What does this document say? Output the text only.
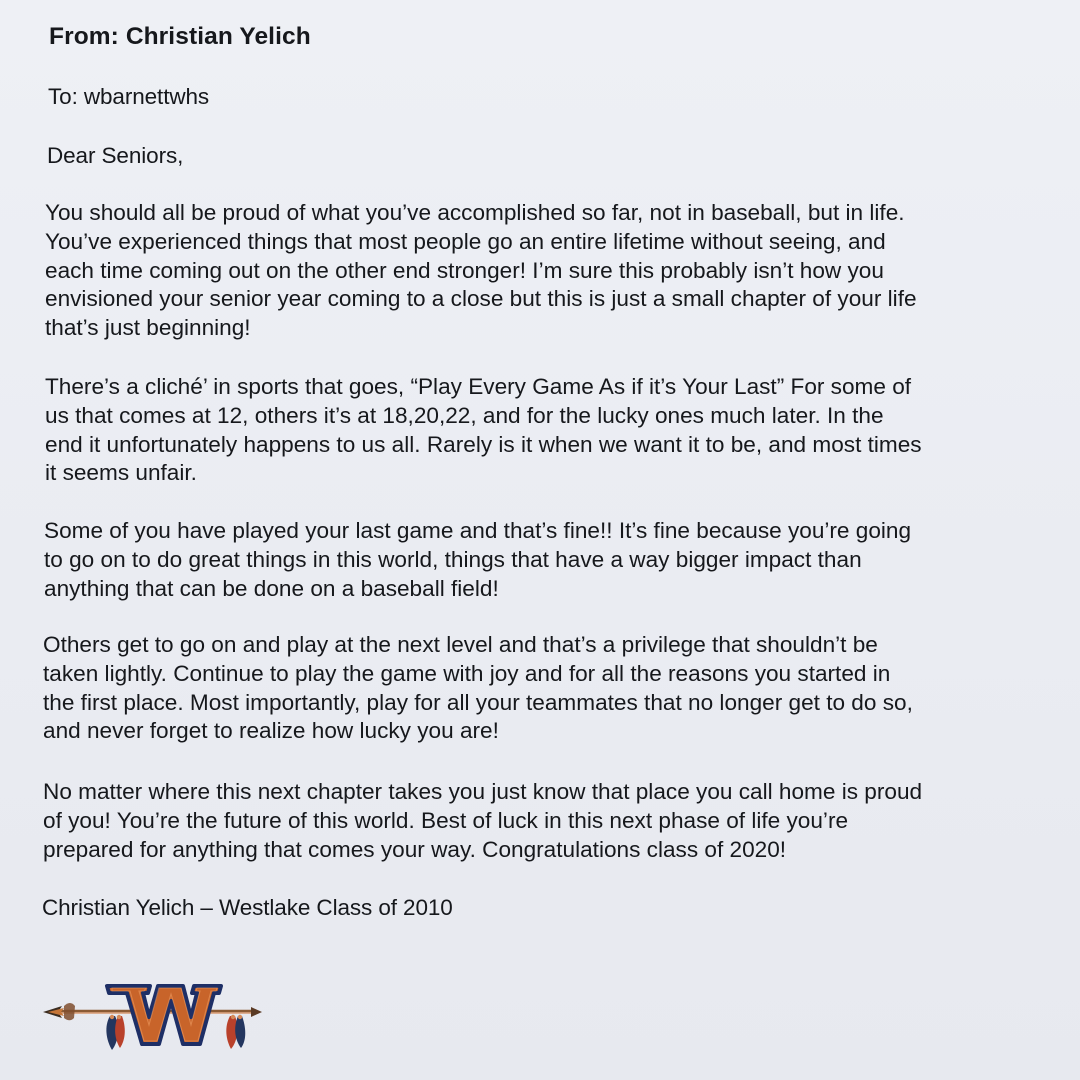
From: Christian Yelich
To: wbarnettwhs
Dear Seniors,
You should all be proud of what you’ve accomplished so far, not in baseball, but in life.
You’ve experienced things that most people go an entire lifetime without seeing, and
each time coming out on the other end stronger! I’m sure this probably isn’t how you
envisioned your senior year coming to a close but this is just a small chapter of your life
that’s just beginning!
There’s a cliché’ in sports that goes, “Play Every Game As if it’s Your Last” For some of
us that comes at 12, others it’s at 18,20,22, and for the lucky ones much later. In the
end it unfortunately happens to us all. Rarely is it when we want it to be, and most times
it seems unfair.
Some of you have played your last game and that’s fine!! It’s fine because you’re going
to go on to do great things in this world, things that have a way bigger impact than
anything that can be done on a baseball field!
Others get to go on and play at the next level and that’s a privilege that shouldn’t be
taken lightly. Continue to play the game with joy and for all the reasons you started in
the first place. Most importantly, play for all your teammates that no longer get to do so,
and never forget to realize how lucky you are!
No matter where this next chapter takes you just know that place you call home is proud
of you! You’re the future of this world. Best of luck in this next phase of life you’re
prepared for anything that comes your way. Congratulations class of 2020!
Christian Yelich – Westlake Class of 2010
